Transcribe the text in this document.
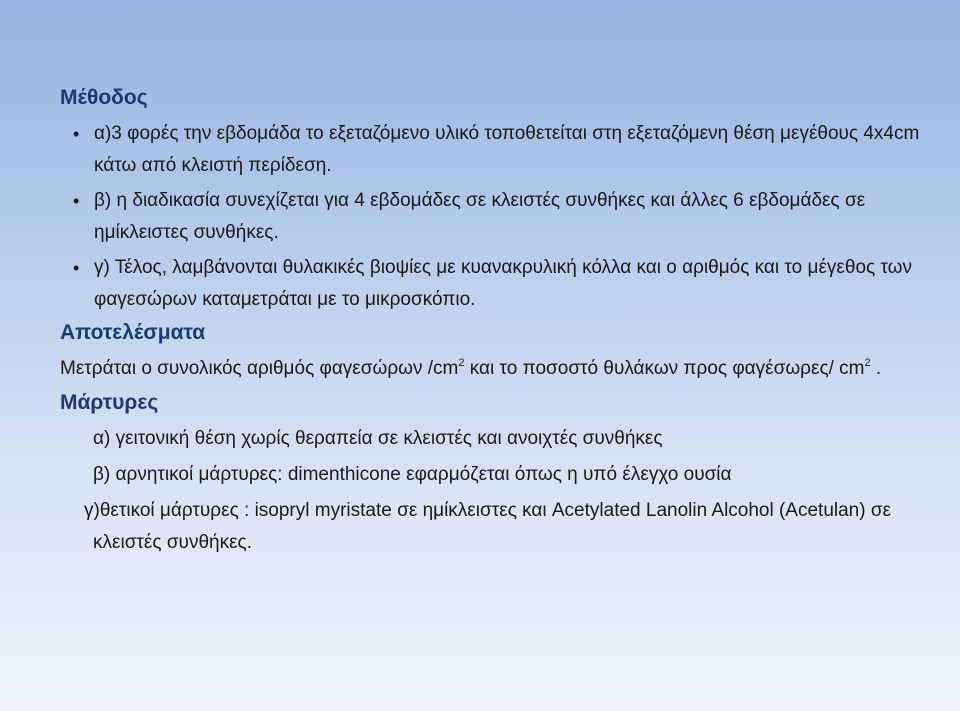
Μέθοδος
• α)3 φορές την εβδομάδα το εξεταζόμενο υλικό τοποθετείται στη εξεταζόμενη θέση μεγέθους 4x4cm κάτω από κλειστή περίδεση.
• β) η διαδικασία συνεχίζεται για 4 εβδομάδες σε κλειστές συνθήκες και άλλες 6 εβδομάδες σε ημίκλειστες συνθήκες.
• γ) Τέλος, λαμβάνονται θυλακικές βιοψίες με κυανακρυλική κόλλα και ο αριθμός και το μέγεθος των φαγεσώρων καταμετράται με το μικροσκόπιο.
Αποτελέσματα

Μετράται ο συνολικός αριθμός φαγεσώρων $/cm^2$ και το ποσοστό θυλάκων προς φαγέσωρες/ $cm^2$ .

Μάρτυρες

α) γειτονική θέση χωρίς θεραπεία σε κλειστές και ανοιχτές συνθήκες

β) αρνητικοί μάρτυρες: dimenthicone εφαρμόζεται όπως η υπό έλεγχο ουσία

γ)θετικοί μάρτυρες : isopryl myristate σε ημίκλειστες και Acetylated Lanolin Alcohol (Acetulan) σε κλειστές συνθήκες.
